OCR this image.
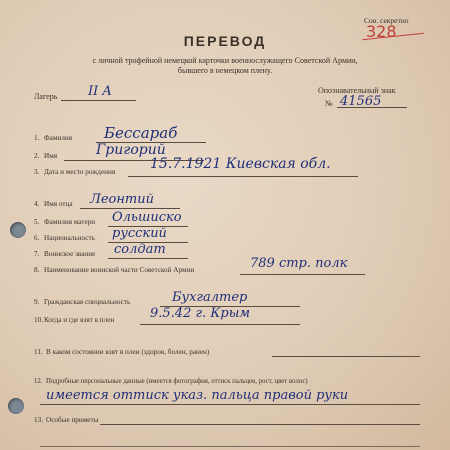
Сов. секретно
328
ПЕРЕВОД
с личной трофейной немецкой карточки военнослужащего Советской Армии,
бывшего в немецком плену.
Лагерь II A	Опознавательный знак
№ 41565
1. Фамилия Бессараб
2. Имя	Григорий
3. Дата и место рождения 15.7.1921 Киевская обл.
4. Имя отца Леонтий
5. Фамилия матери Ольшиско
6. Национальность русский
7. Воинское звание солдат
8. Наименование воинской части Советской Армии	789 стр. полк
9. Гражданская специальность	Бухгалтер
10. Когда и где взят в плен	9.5.42 г. Крым
11. В каком состоянии взят в плен (здоров, болен, ранен)
12. Подробные персональные данные (имеется фотография, оттиск пальцев, рост, цвет волос)
имеется оттиск указ. пальца правой руки
13. Особые приметы
